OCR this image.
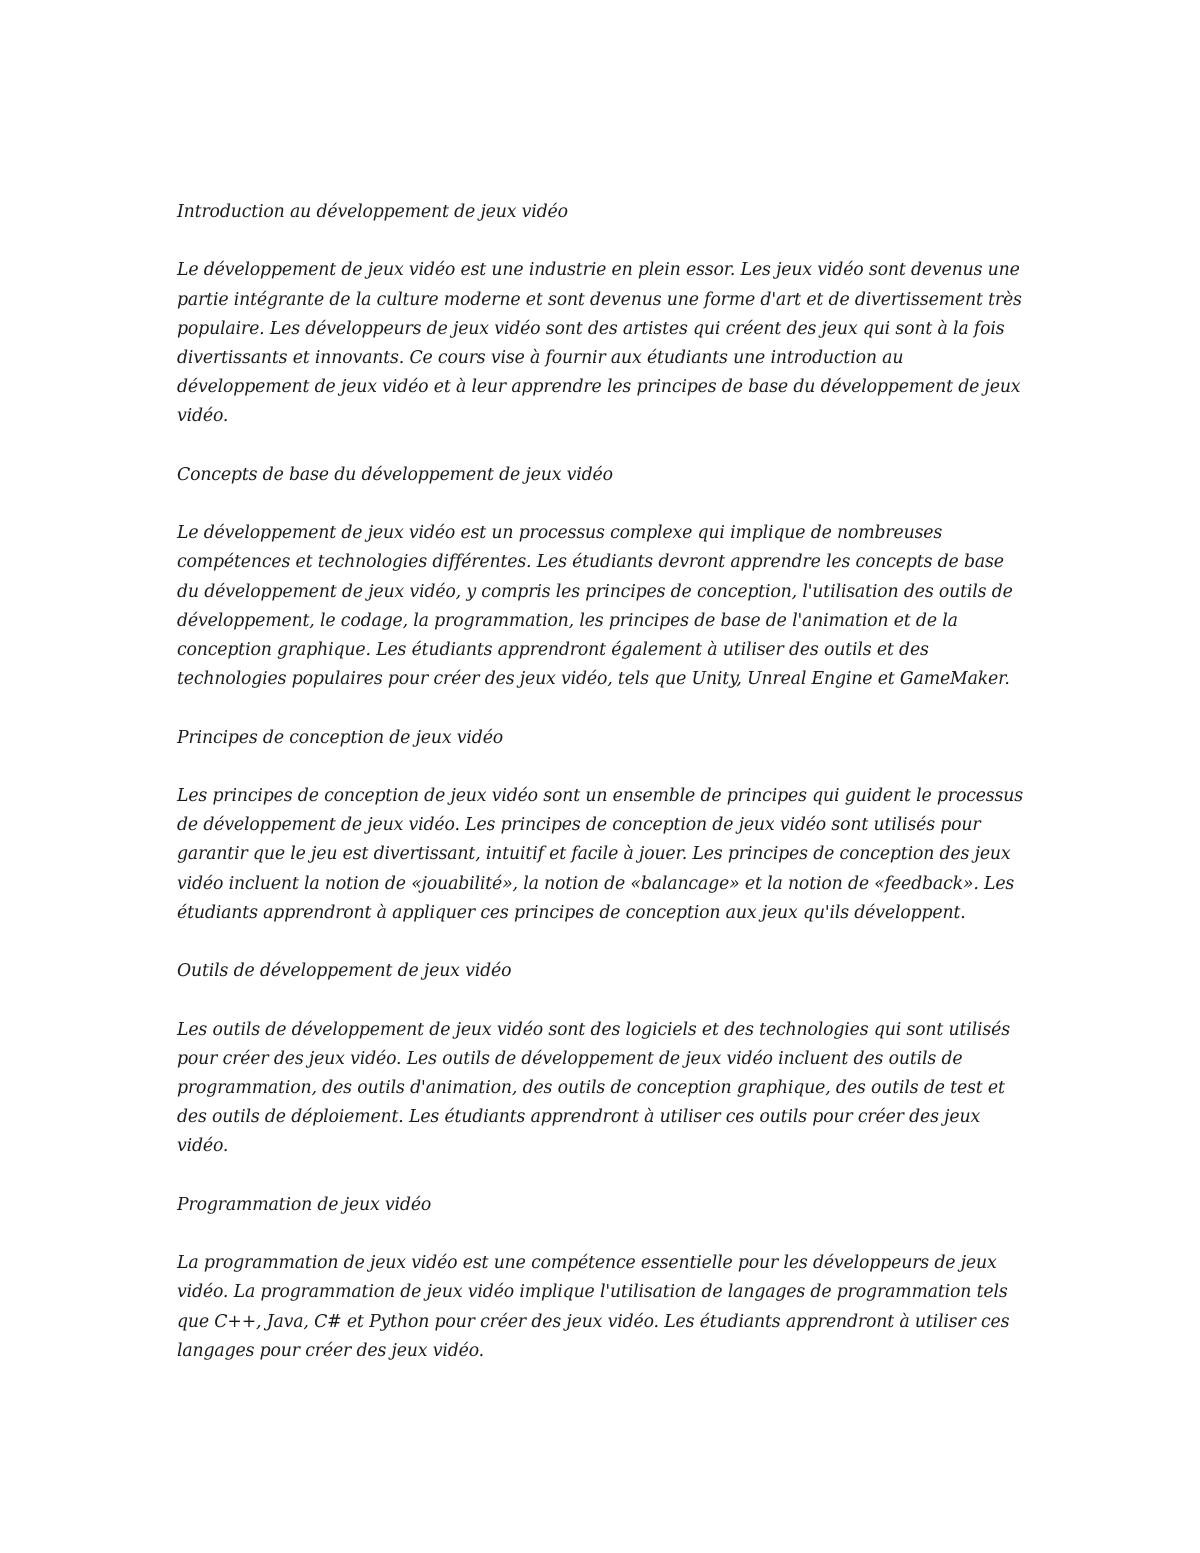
Introduction au développement de jeux vidéo

Le développement de jeux vidéo est une industrie en plein essor. Les jeux vidéo sont devenus une partie intégrante de la culture moderne et sont devenus une forme d'art et de divertissement très populaire. Les développeurs de jeux vidéo sont des artistes qui créent des jeux qui sont à la fois divertissants et innovants. Ce cours vise à fournir aux étudiants une introduction au développement de jeux vidéo et à leur apprendre les principes de base du développement de jeux vidéo.

Concepts de base du développement de jeux vidéo

Le développement de jeux vidéo est un processus complexe qui implique de nombreuses compétences et technologies différentes. Les étudiants devront apprendre les concepts de base du développement de jeux vidéo, y compris les principes de conception, l'utilisation des outils de développement, le codage, la programmation, les principes de base de l'animation et de la conception graphique. Les étudiants apprendront également à utiliser des outils et des technologies populaires pour créer des jeux vidéo, tels que Unity, Unreal Engine et GameMaker.

Principes de conception de jeux vidéo

Les principes de conception de jeux vidéo sont un ensemble de principes qui guident le processus de développement de jeux vidéo. Les principes de conception de jeux vidéo sont utilisés pour garantir que le jeu est divertissant, intuitif et facile à jouer. Les principes de conception des jeux vidéo incluent la notion de «jouabilité», la notion de «balancage» et la notion de «feedback». Les étudiants apprendront à appliquer ces principes de conception aux jeux qu'ils développent.

Outils de développement de jeux vidéo

Les outils de développement de jeux vidéo sont des logiciels et des technologies qui sont utilisés pour créer des jeux vidéo. Les outils de développement de jeux vidéo incluent des outils de programmation, des outils d'animation, des outils de conception graphique, des outils de test et des outils de déploiement. Les étudiants apprendront à utiliser ces outils pour créer des jeux vidéo.

Programmation de jeux vidéo

La programmation de jeux vidéo est une compétence essentielle pour les développeurs de jeux vidéo. La programmation de jeux vidéo implique l'utilisation de langages de programmation tels que C++, Java, C# et Python pour créer des jeux vidéo. Les étudiants apprendront à utiliser ces langages pour créer des jeux vidéo.
